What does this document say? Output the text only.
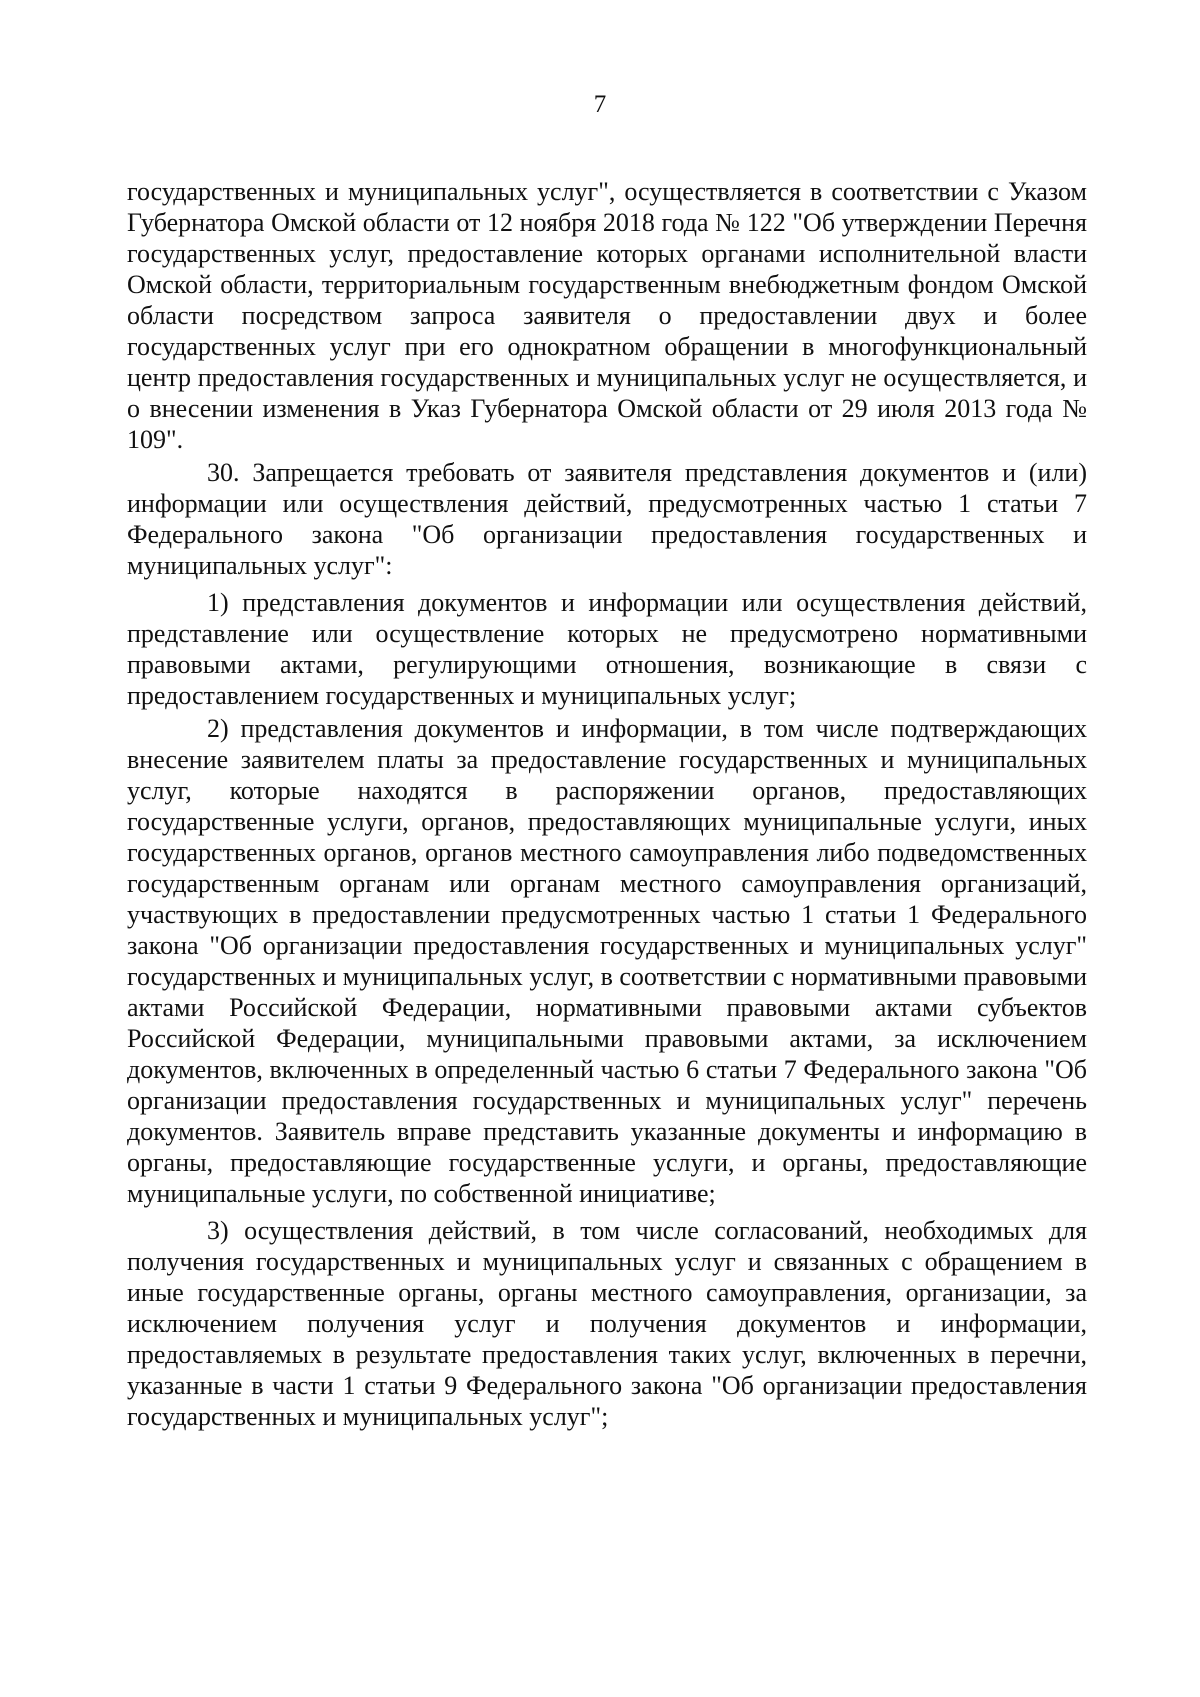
7

государственных и муниципальных услуг", осуществляется в соответствии с Указом Губернатора Омской области от 12 ноября 2018 года № 122 "Об утверждении Перечня государственных услуг, предоставление которых органами исполнительной власти Омской области, территориальным государственным внебюджетным фондом Омской области посредством запроса заявителя о предоставлении двух и более государственных услуг при его однократном обращении в многофункциональный центр предоставления государственных и муниципальных услуг не осуществляется, и о внесении изменения в Указ Губернатора Омской области от 29 июля 2013 года № 109".

30. Запрещается требовать от заявителя представления документов и (или) информации или осуществления действий, предусмотренных частью 1 статьи 7 Федерального закона "Об организации предоставления государственных и муниципальных услуг":

1) представления документов и информации или осуществления действий, представление или осуществление которых не предусмотрено нормативными правовыми актами, регулирующими отношения, возникающие в связи с предоставлением государственных и муниципальных услуг;

2) представления документов и информации, в том числе подтверждающих внесение заявителем платы за предоставление государственных и муниципальных услуг, которые находятся в распоряжении органов, предоставляющих государственные услуги, органов, предоставляющих муниципальные услуги, иных государственных органов, органов местного самоуправления либо подведомственных государственным органам или органам местного самоуправления организаций, участвующих в предоставлении предусмотренных частью 1 статьи 1 Федерального закона "Об организации предоставления государственных и муниципальных услуг" государственных и муниципальных услуг, в соответствии с нормативными правовыми актами Российской Федерации, нормативными правовыми актами субъектов Российской Федерации, муниципальными правовыми актами, за исключением документов, включенных в определенный частью 6 статьи 7 Федерального закона "Об организации предоставления государственных и муниципальных услуг" перечень документов. Заявитель вправе представить указанные документы и информацию в органы, предоставляющие государственные услуги, и органы, предоставляющие муниципальные услуги, по собственной инициативе;

3) осуществления действий, в том числе согласований, необходимых для получения государственных и муниципальных услуг и связанных с обращением в иные государственные органы, органы местного самоуправления, организации, за исключением получения услуг и получения документов и информации, предоставляемых в результате предоставления таких услуг, включенных в перечни, указанные в части 1 статьи 9 Федерального закона "Об организации предоставления государственных и муниципальных услуг";
